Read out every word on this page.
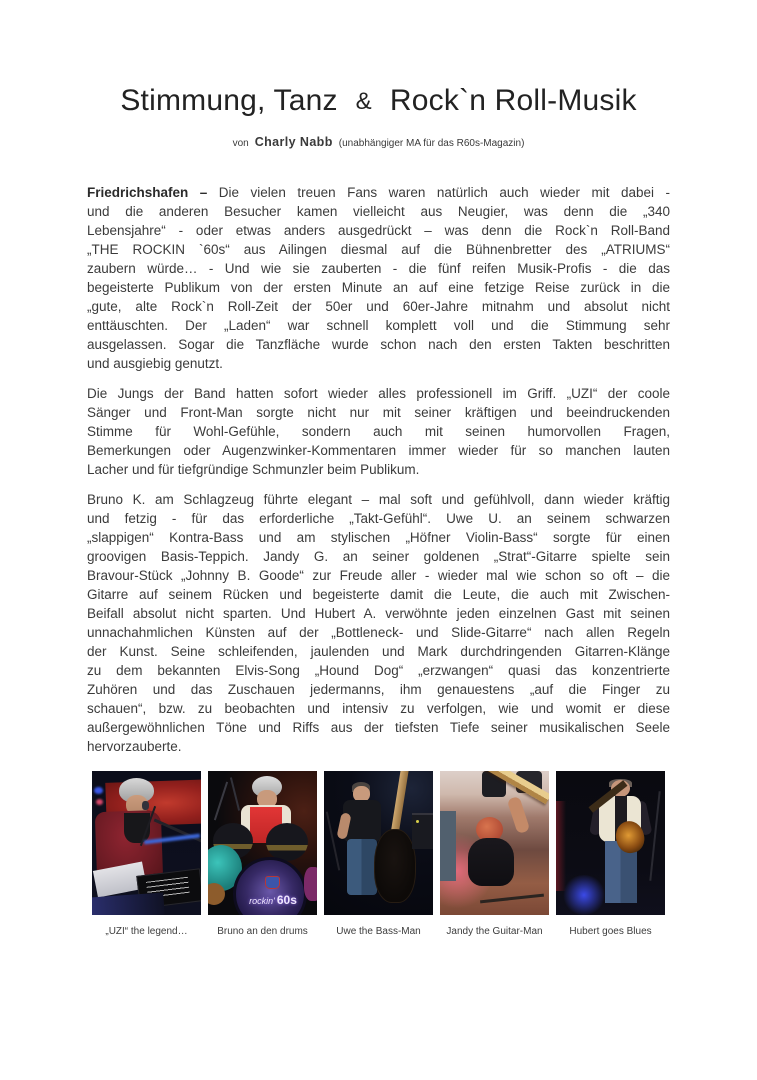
Stimmung, Tanz & Rock`n Roll-Musik
von Charly Nabb (unabhängiger MA für das R60s-Magazin)
Friedrichshafen – Die vielen treuen Fans waren natürlich auch wieder mit dabei -
und die anderen Besucher kamen vielleicht aus Neugier, was denn die „340
Lebensjahre“ - oder etwas anders ausgedrückt – was denn die Rock`n Roll-Band
„THE ROCKIN `60s“ aus Ailingen diesmal auf die Bühnenbretter des „ATRIUMS“
zaubern würde… - Und wie sie zauberten - die fünf reifen Musik-Profis - die das
begeisterte Publikum von der ersten Minute an auf eine fetzige Reise zurück in die
„gute, alte Rock`n Roll-Zeit der 50er und 60er-Jahre mitnahm und absolut nicht
enttäuschten. Der „Laden“ war schnell komplett voll und die Stimmung sehr
ausgelassen. Sogar die Tanzfläche wurde schon nach den ersten Takten beschritten
und ausgiebig genutzt.
Die Jungs der Band hatten sofort wieder alles professionell im Griff. „UZI“ der coole
Sänger und Front-Man sorgte nicht nur mit seiner kräftigen und beeindruckenden
Stimme für Wohl-Gefühle, sondern auch mit seinen humorvollen Fragen,
Bemerkungen oder Augenzwinker-Kommentaren immer wieder für so manchen lauten
Lacher und für tiefgründige Schmunzler beim Publikum.
Bruno K. am Schlagzeug führte elegant – mal soft und gefühlvoll, dann wieder kräftig
und fetzig - für das erforderliche „Takt-Gefühl“. Uwe U. an seinem schwarzen
„slappigen“ Kontra-Bass und am stylischen „Höfner Violin-Bass“ sorgte für einen
groovigen Basis-Teppich. Jandy G. an seiner goldenen „Strat“-Gitarre spielte sein
Bravour-Stück „Johnny B. Goode“ zur Freude aller - wieder mal wie schon so oft – die
Gitarre auf seinem Rücken und begeisterte damit die Leute, die auch mit Zwischen-
Beifall absolut nicht sparten. Und Hubert A. verwöhnte jeden einzelnen Gast mit seinen
unnachahmlichen Künsten auf der „Bottleneck- und Slide-Gitarre“ nach allen Regeln
der Kunst. Seine schleifenden, jaulenden und Mark durchdringenden Gitarren-Klänge
zu dem bekannten Elvis-Song „Hound Dog“ „erzwangen“ quasi das konzentrierte
Zuhören und das Zuschauen jedermanns, ihm genauestens „auf die Finger zu
schauen“, bzw. zu beobachten und intensiv zu verfolgen, wie und womit er diese
außergewöhnlichen Töne und Riffs aus der tiefsten Tiefe seiner musikalischen Seele
hervorzauberte.
„UZI“ the legend…
rockin' 60s
Bruno an den drums	Uwe the Bass-Man	Jandy the Guitar-Man	Hubert goes Blues
